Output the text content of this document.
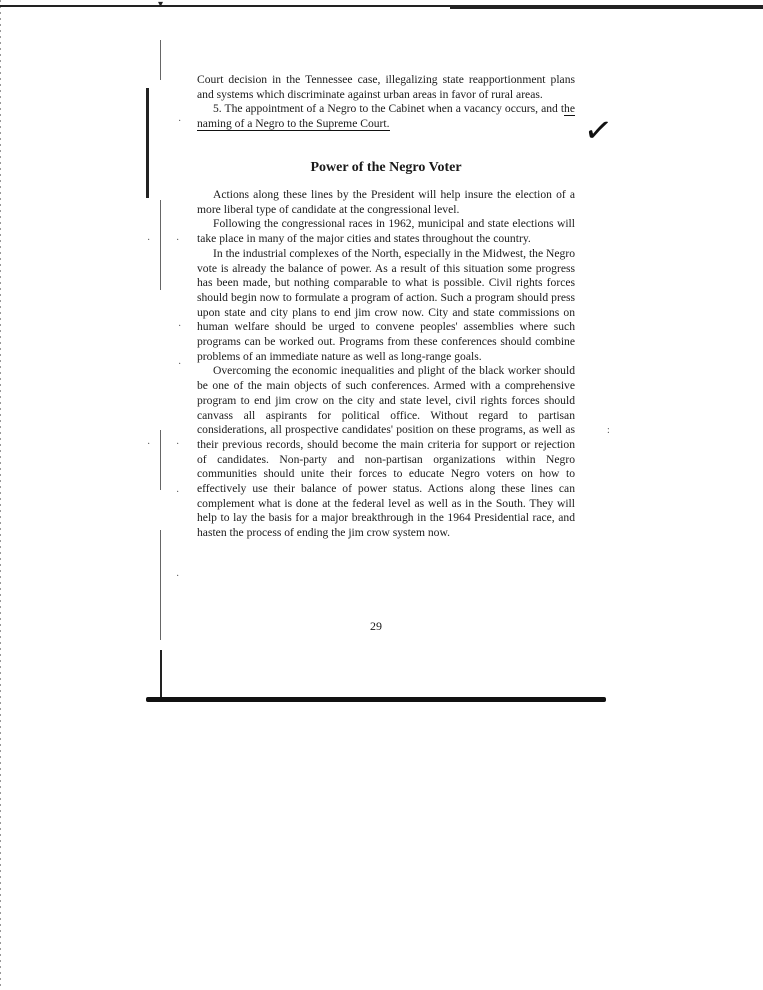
▾
·
·	·
·
·
·	·
·
·
:
✓

Court decision in the Tennessee case, illegalizing state reapportionment plans and systems which discriminate against urban areas in favor of rural areas.

5. The appointment of a Negro to the Cabinet when a vacancy occurs, and the naming of a Negro to the Supreme Court.

Power of the Negro Voter

Actions along these lines by the President will help insure the election of a more liberal type of candidate at the congressional level.

Following the congressional races in 1962, municipal and state elections will take place in many of the major cities and states throughout the country.

In the industrial complexes of the North, especially in the Midwest, the Negro vote is already the balance of power. As a result of this situation some progress has been made, but nothing comparable to what is possible. Civil rights forces should begin now to formulate a program of action. Such a program should press upon state and city plans to end jim crow now. City and state commissions on human welfare should be urged to convene peoples' assemblies where such programs can be worked out. Programs from these conferences should combine problems of an immediate nature as well as long-range goals.

Overcoming the economic inequalities and plight of the black worker should be one of the main objects of such conferences. Armed with a comprehensive program to end jim crow on the city and state level, civil rights forces should canvass all aspirants for political office. Without regard to partisan considerations, all prospective candidates' position on these programs, as well as their previous records, should become the main criteria for support or rejection of candidates. Non-party and non-partisan organizations within Negro communities should unite their forces to educate Negro voters on how to effectively use their balance of power status. Actions along these lines can complement what is done at the federal level as well as in the South. They will help to lay the basis for a major breakthrough in the 1964 Presidential race, and hasten the process of ending the jim crow system now.

29
